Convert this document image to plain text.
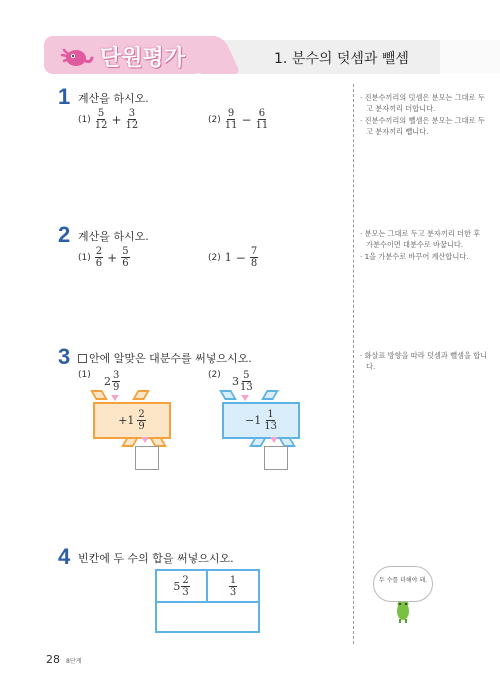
단원평가	1. 분수의 덧셈과 뺄셈
1 계산을 하시오.
$(1) \frac{5}{12} + \frac{3}{12}$	$(2) \frac{9}{11} - \frac{6}{11}$
2 계산을 하시오.
$(1) \frac{2}{6} + \frac{5}{6}$	(2) $1 - \frac{7}{8}$
3	안에 알맞은 대분수를 써넣으시오.
(1)	(2)
$2 \frac{3}{9}$
$+1 \frac{2}{9}$
$3 \frac{5}{13}$
$-1 \frac{1}{13}$
4 빈칸에 두 수의 합을 써넣으시오.
$5 \frac{2}{3}$	$\frac{1}{3}$

· 진분수끼리의 덧셈은 분모는 그대로 두고 분자끼리 더합니다.

· 진분수끼리의 뺄셈은 분모는 그대로 두고 분자끼리 뺍니다.

· 분모는 그대로 두고 분자끼리 더한 후 가분수이면 대분수로 바꿉니다.

· 1을 가분수로 바꾸어 계산합니다.

· 화살표 방향을 따라 덧셈과 뺄셈을 합니다.

두 수를 더해야 돼.
28 8단계
